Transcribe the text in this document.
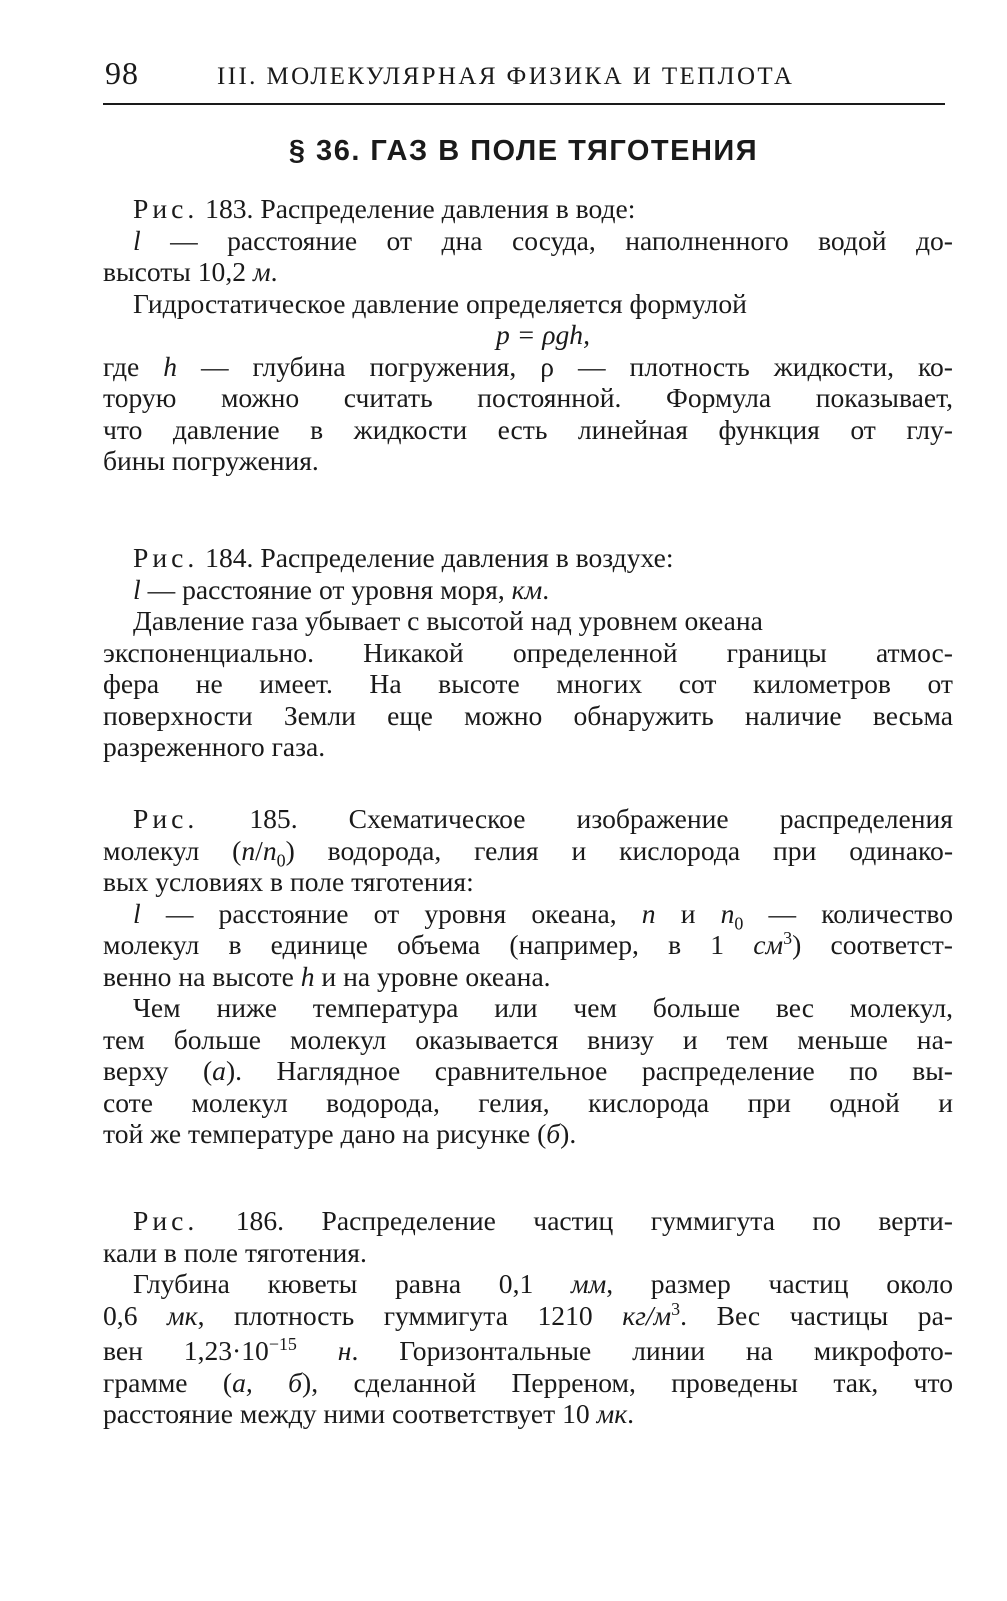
98	III. МОЛЕКУЛЯРНАЯ ФИЗИКА И ТЕПЛОТА
§ 36. ГАЗ В ПОЛЕ ТЯГОТЕНИЯ
Рис. 183. Распределение давления в воде:
l — расстояние от дна сосуда, наполненного водой до-
высоты 10,2 м.
Гидростатическое давление определяется формулой
p = ρgh,
где h — глубина погружения, ρ — плотность жидкости, ко-
торую можно считать постоянной. Формула показывает,
что давление в жидкости есть линейная функция от глу-
бины погружения.
Рис. 184. Распределение давления в воздухе:
l — расстояние от уровня моря, км.
Давление газа убывает с высотой над уровнем океана
экспоненциально. Никакой определенной границы атмос-
фера не имеет. На высоте многих сот километров от
поверхности Земли еще можно обнаружить наличие весьма
разреженного газа.
Рис. 185. Схематическое изображение распределения
молекул $(n/n_0)$ водорода, гелия и кислорода при одинако-
вых условиях в поле тяготения:
l — расстояние от уровня океана, n и $n_0$ — количество
молекул в единице объема (например, в 1 $см^3$) соответст-
венно на высоте h и на уровне океана.
Чем ниже температура или чем больше вес молекул,
тем больше молекул оказывается внизу и тем меньше на-
верху (а). Наглядное сравнительное распределение по вы-
соте молекул водорода, гелия, кислорода при одной и
той же температуре дано на рисунке (б).
Рис. 186. Распределение частиц гуммигута по верти-
кали в поле тяготения.
Глубина кюветы равна 0,1 мм, размер частиц около
0,6 мк, плотность гуммигута 1210 $кг/м^3$. Вес частицы ра-
вен $1,23\cdot 10^{-15}$ н. Горизонтальные линии на микрофото-
грамме (а, б), сделанной Перреном, проведены так, что
расстояние между ними соответствует 10 мк.
